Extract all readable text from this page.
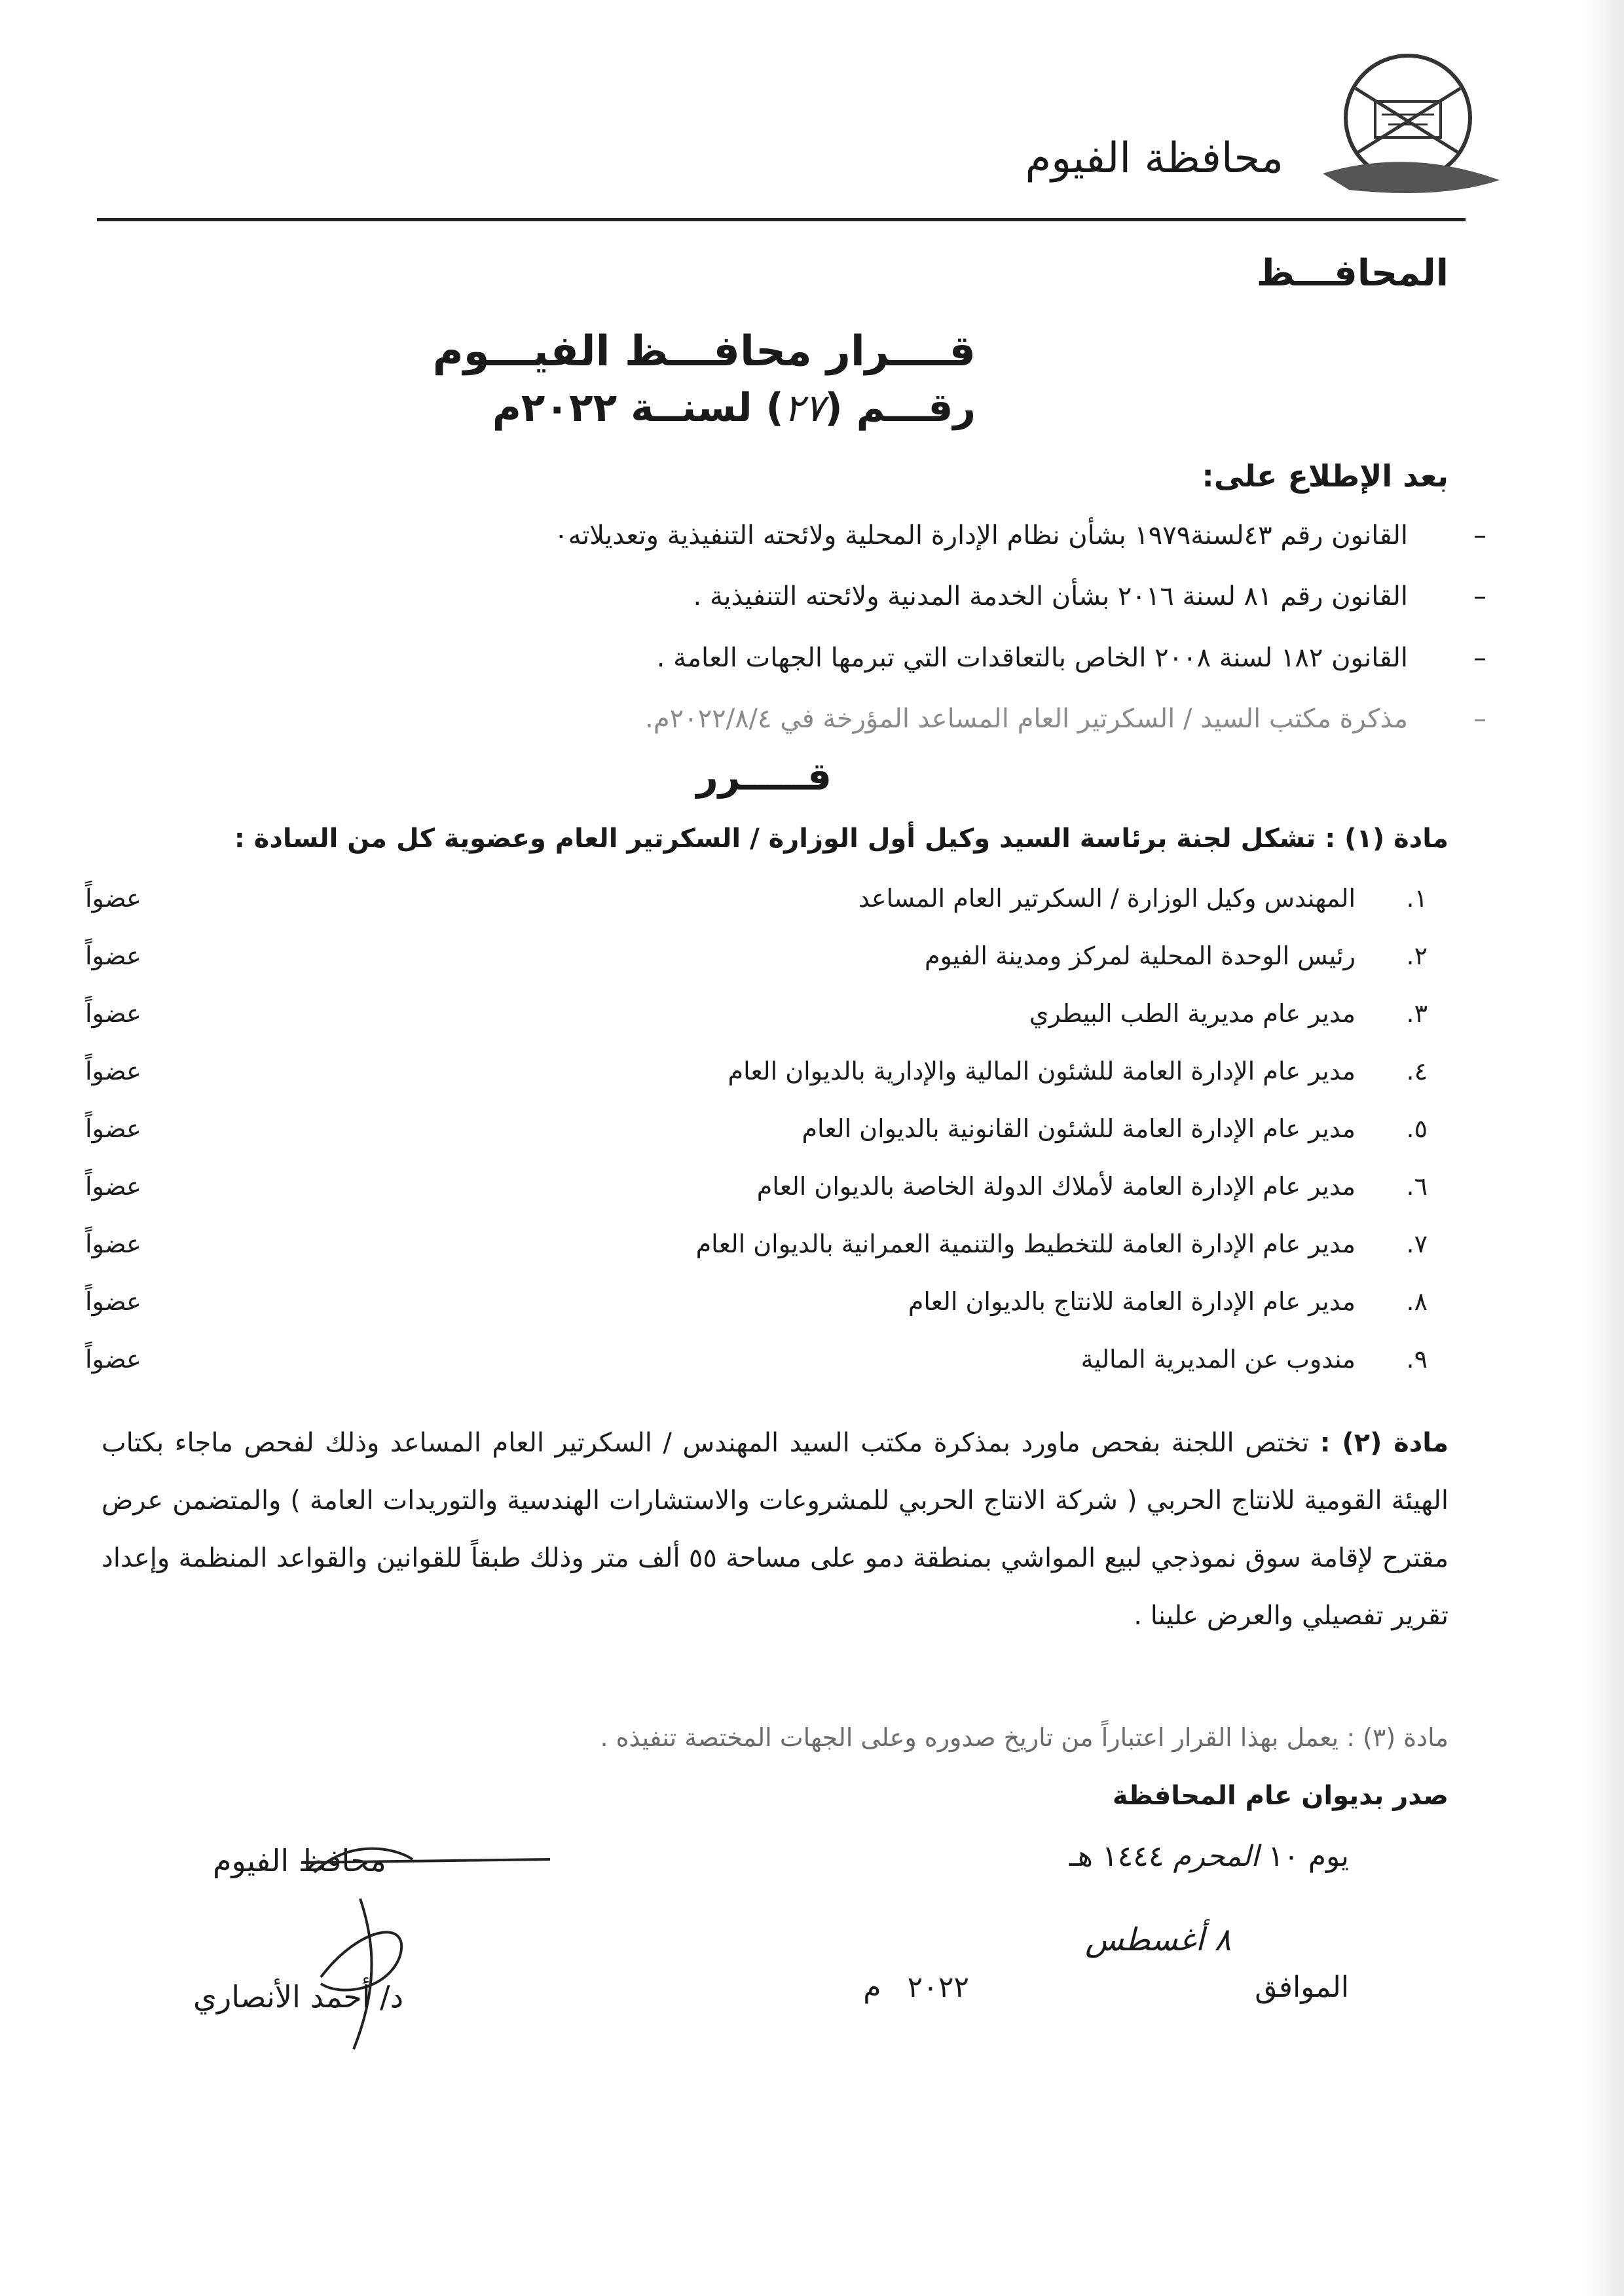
محافظة الفيوم
المحافـــظ
قــــرار محافـــظ الفيـــوم
رقـــم (٢٧) لسنــة ٢٠٢٢م
بعد الإطلاع على:
–
القانون رقم ٤٣لسنة١٩٧٩ بشأن نظام الإدارة المحلية ولائحته التنفيذية وتعديلاته٠
–
القانون رقم ٨١ لسنة ٢٠١٦ بشأن الخدمة المدنية ولائحته التنفيذية .
–
القانون ١٨٢ لسنة ٢٠٠٨ الخاص بالتعاقدات التي تبرمها الجهات العامة .
–
مذكرة مكتب السيد / السكرتير العام المساعد المؤرخة في ٢٠٢٢/٨/٤م.
قـــــرر
مادة (١) : تشكل لجنة برئاسة السيد وكيل أول الوزارة / السكرتير العام وعضوية كل من السادة :
١.
المهندس وكيل الوزارة / السكرتير العام المساعد
عضواً
٢.
رئيس الوحدة المحلية لمركز ومدينة الفيوم
عضواً
٣.
مدير عام مديرية الطب البيطري
عضواً
٤.
مدير عام الإدارة العامة للشئون المالية والإدارية بالديوان العام
عضواً
٥.
مدير عام الإدارة العامة للشئون القانونية بالديوان العام
عضواً
٦.
مدير عام الإدارة العامة لأملاك الدولة الخاصة بالديوان العام
عضواً
٧.
مدير عام الإدارة العامة للتخطيط والتنمية العمرانية بالديوان العام
عضواً
٨.
مدير عام الإدارة العامة للانتاج بالديوان العام
عضواً
٩.
مندوب عن المديرية المالية
عضواً
مادة (٢) : تختص اللجنة بفحص ماورد بمذكرة مكتب السيد المهندس / السكرتير العام المساعد وذلك لفحص ماجاء بكتاب الهيئة القومية للانتاج الحربي ( شركة الانتاج الحربي للمشروعات والاستشارات الهندسية والتوريدات العامة ) والمتضمن عرض مقترح لإقامة سوق نموذجي لبيع المواشي بمنطقة دمو على مساحة ٥٥ ألف متر وذلك طبقاً للقوانين والقواعد المنظمة وإعداد تقرير تفصيلي والعرض علينا .
مادة (٣) : يعمل بهذا القرار اعتباراً من تاريخ صدوره وعلى الجهات المختصة تنفيذه .
صدر بديوان عام المحافظة
يوم ١٠ المحرم ١٤٤٤ هـ
٨ أغسطس
الموافق
٢٠٢٢م
محافظ الفيوم
د/ أحمد الأنصاري
